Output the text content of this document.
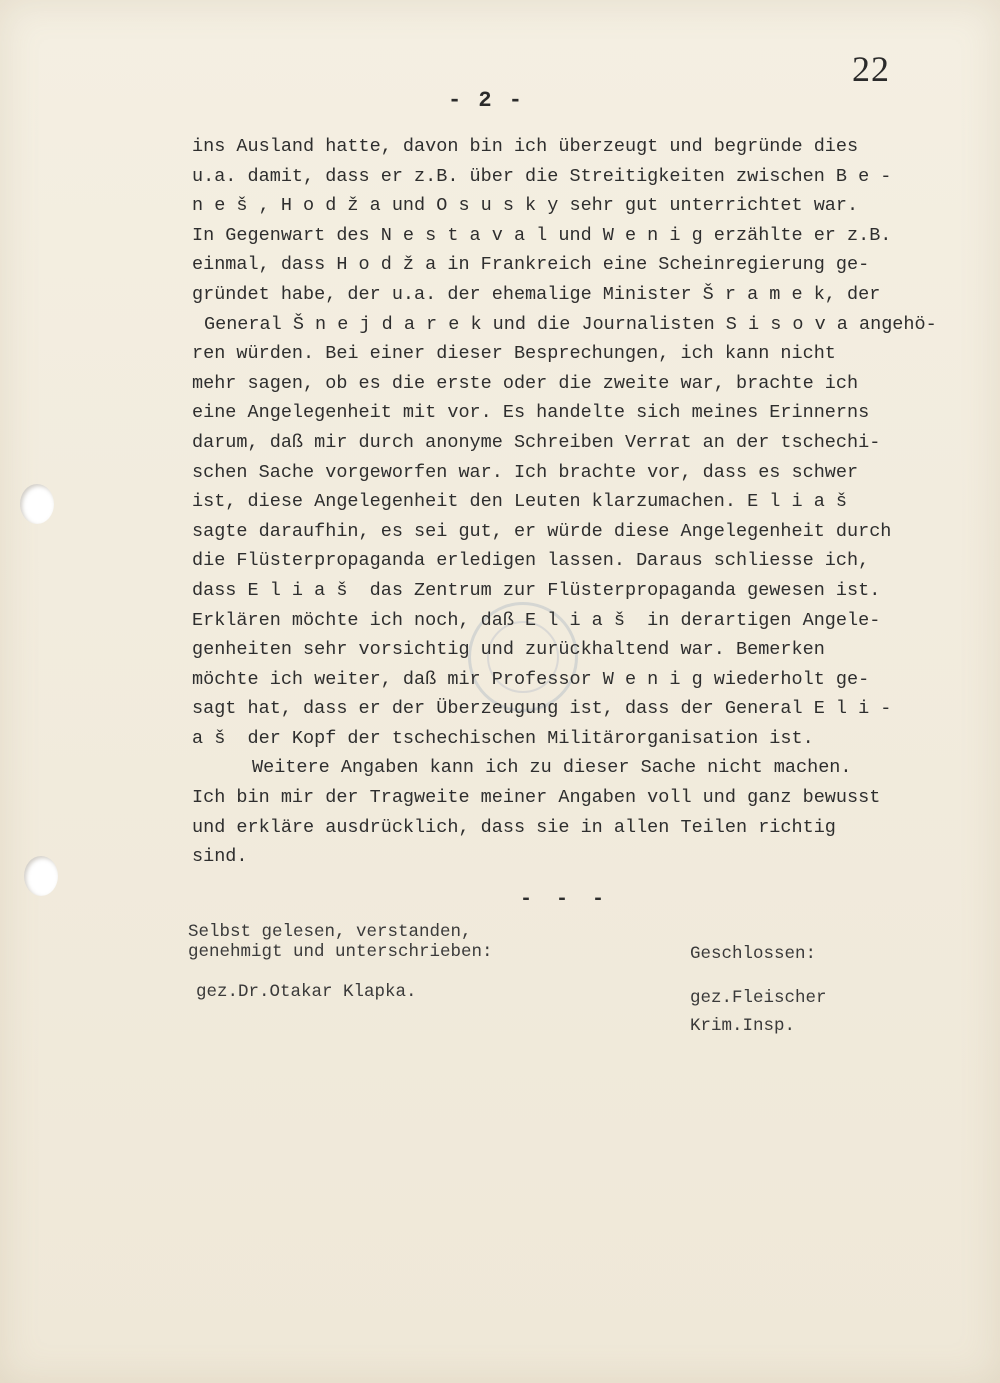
22
- 2 -
ins Ausland hatte, davon bin ich überzeugt und begründe dies
u.a. damit, dass er z.B. über die Streitigkeiten zwischen B e -
n e š , H o d ž a und O s u s k y sehr gut unterrichtet war.
In Gegenwart des N e s t a v a l und W e n i g erzählte er z.B.
einmal, dass H o d ž a in Frankreich eine Scheinregierung ge-
gründet habe, der u.a. der ehemalige Minister Š r a m e k, der
General Š n e j d a r e k und die Journalisten S i s o v a angehö-
ren würden. Bei einer dieser Besprechungen, ich kann nicht
mehr sagen, ob es die erste oder die zweite war, brachte ich
eine Angelegenheit mit vor. Es handelte sich meines Erinnerns
darum, daß mir durch anonyme Schreiben Verrat an der tschechi-
schen Sache vorgeworfen war. Ich brachte vor, dass es schwer
ist, diese Angelegenheit den Leuten klarzumachen. E l i a š
sagte daraufhin, es sei gut, er würde diese Angelegenheit durch
die Flüsterpropaganda erledigen lassen. Daraus schliesse ich,
dass E l i a š  das Zentrum zur Flüsterpropaganda gewesen ist.
Erklären möchte ich noch, daß E l i a š  in derartigen Angele-
genheiten sehr vorsichtig und zurückhaltend war. Bemerken
möchte ich weiter, daß mir Professor W e n i g wiederholt ge-
sagt hat, dass er der Überzeugung ist, dass der General E l i -
a š  der Kopf der tschechischen Militärorganisation ist.
Weitere Angaben kann ich zu dieser Sache nicht machen.
Ich bin mir der Tragweite meiner Angaben voll und ganz bewusst
und erkläre ausdrücklich, dass sie in allen Teilen richtig
sind.
- - -
Selbst gelesen, verstanden,
genehmigt und unterschrieben:
gez.Dr.Otakar Klapka.
Geschlossen:
gez.Fleischer
Krim.Insp.
